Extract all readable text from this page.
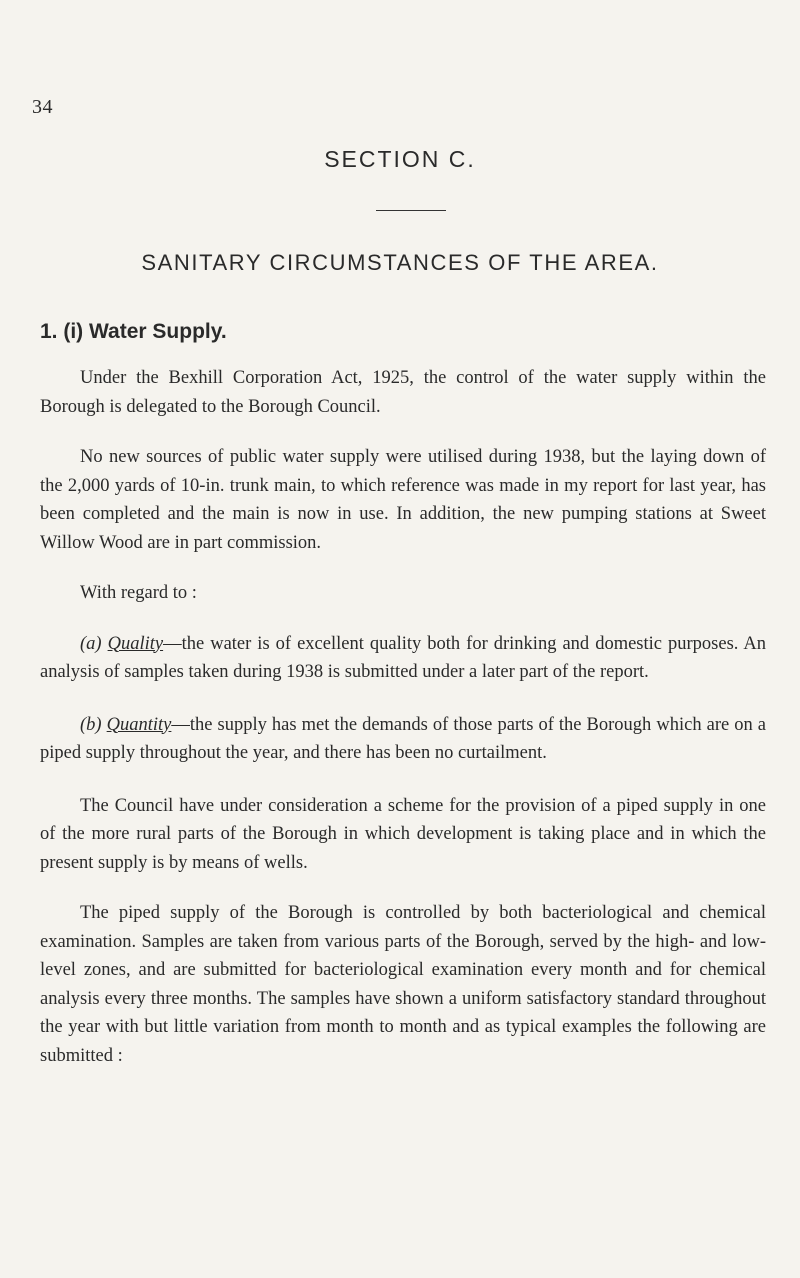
34
SECTION C.
SANITARY CIRCUMSTANCES OF THE AREA.
1. (i) Water Supply.

Under the Bexhill Corporation Act, 1925, the control of the water supply within the Borough is delegated to the Borough Council.

No new sources of public water supply were utilised during 1938, but the laying down of the 2,000 yards of 10-in. trunk main, to which reference was made in my report for last year, has been completed and the main is now in use. In addition, the new pumping stations at Sweet Willow Wood are in part commission.

With regard to :

(a) Quality—the water is of excellent quality both for drinking and domestic purposes. An analysis of samples taken during 1938 is submitted under a later part of the report.

(b) Quantity—the supply has met the demands of those parts of the Borough which are on a piped supply throughout the year, and there has been no curtailment.

The Council have under consideration a scheme for the provision of a piped supply in one of the more rural parts of the Borough in which development is taking place and in which the present supply is by means of wells.

The piped supply of the Borough is controlled by both bacteriological and chemical examination. Samples are taken from various parts of the Borough, served by the high- and low-level zones, and are submitted for bacteriological examination every month and for chemical analysis every three months. The samples have shown a uniform satisfactory standard throughout the year with but little variation from month to month and as typical examples the following are submitted :
